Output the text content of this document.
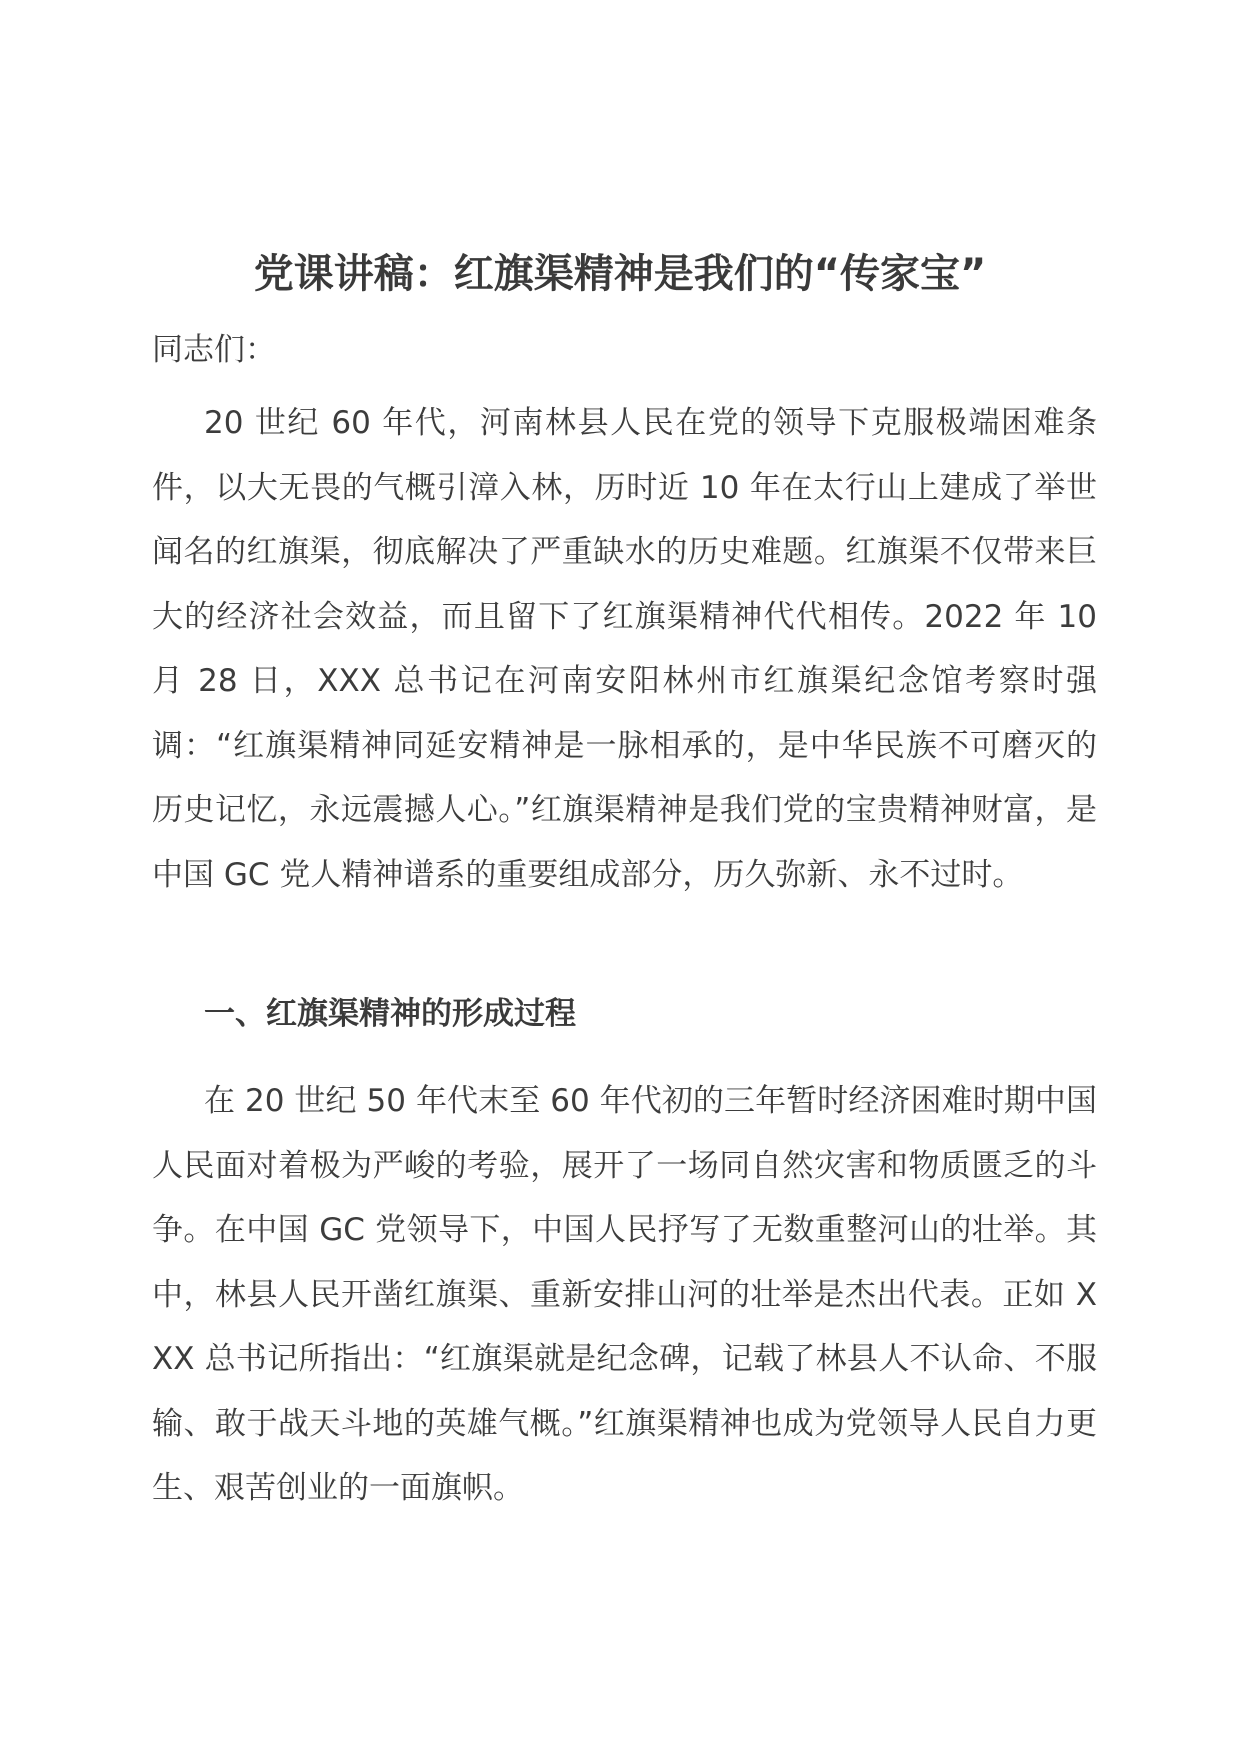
党课讲稿：红旗渠精神是我们的“传家宝”

同志们：

20 世纪 60 年代，河南林县人民在党的领导下克服极端困难条件，以大无畏的气概引漳入林，历时近 10 年在太行山上建成了举世闻名的红旗渠，彻底解决了严重缺水的历史难题。红旗渠不仅带来巨大的经济社会效益，而且留下了红旗渠精神代代相传。2022 年 10 月 28 日，XXX 总书记在河南安阳林州市红旗渠纪念馆考察时强调：“红旗渠精神同延安精神是一脉相承的，是中华民族不可磨灭的历史记忆，永远震撼人心。”红旗渠精神是我们党的宝贵精神财富，是中国 GC 党人精神谱系的重要组成部分，历久弥新、永不过时。

一、红旗渠精神的形成过程

在 20 世纪 50 年代末至 60 年代初的三年暂时经济困难时期中国人民面对着极为严峻的考验，展开了一场同自然灾害和物质匮乏的斗争。在中国 GC 党领导下，中国人民抒写了无数重整河山的壮举。其中，林县人民开凿红旗渠、重新安排山河的壮举是杰出代表。正如 XXX 总书记所指出：“红旗渠就是纪念碑，记载了林县人不认命、不服输、敢于战天斗地的英雄气概。”红旗渠精神也成为党领导人民自力更生、艰苦创业的一面旗帜。
